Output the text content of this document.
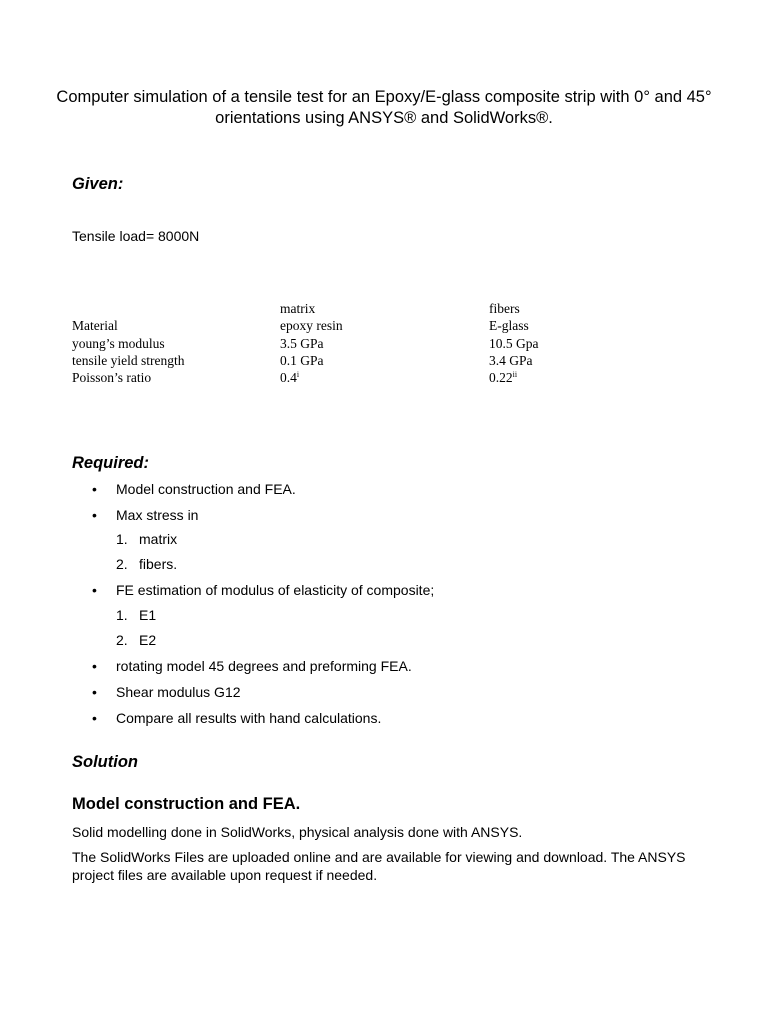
Computer simulation of a tensile test for an Epoxy/E-glass composite strip with 0° and 45° orientations using ANSYS® and SolidWorks®.
Given:
Tensile load= 8000N
	matrix	fibers
Material	epoxy resin	E-glass
young’s modulus	3.5 GPa	10.5 Gpa
tensile yield strength	0.1 GPa	3.4 GPa
Poisson’s ratio	0.4$^i$	0.22$^{ii}$
Required:
• Model construction and FEA.
• Max stress in
1. matrix
2. fibers.
• FE estimation of modulus of elasticity of composite;
1. E1
2. E2
• rotating model 45 degrees and preforming FEA.
• Shear modulus G12
• Compare all results with hand calculations.
Solution
Model construction and FEA.
Solid modelling done in SolidWorks, physical analysis done with ANSYS.
The SolidWorks Files are uploaded online and are available for viewing and download. The ANSYS project files are available upon request if needed.
